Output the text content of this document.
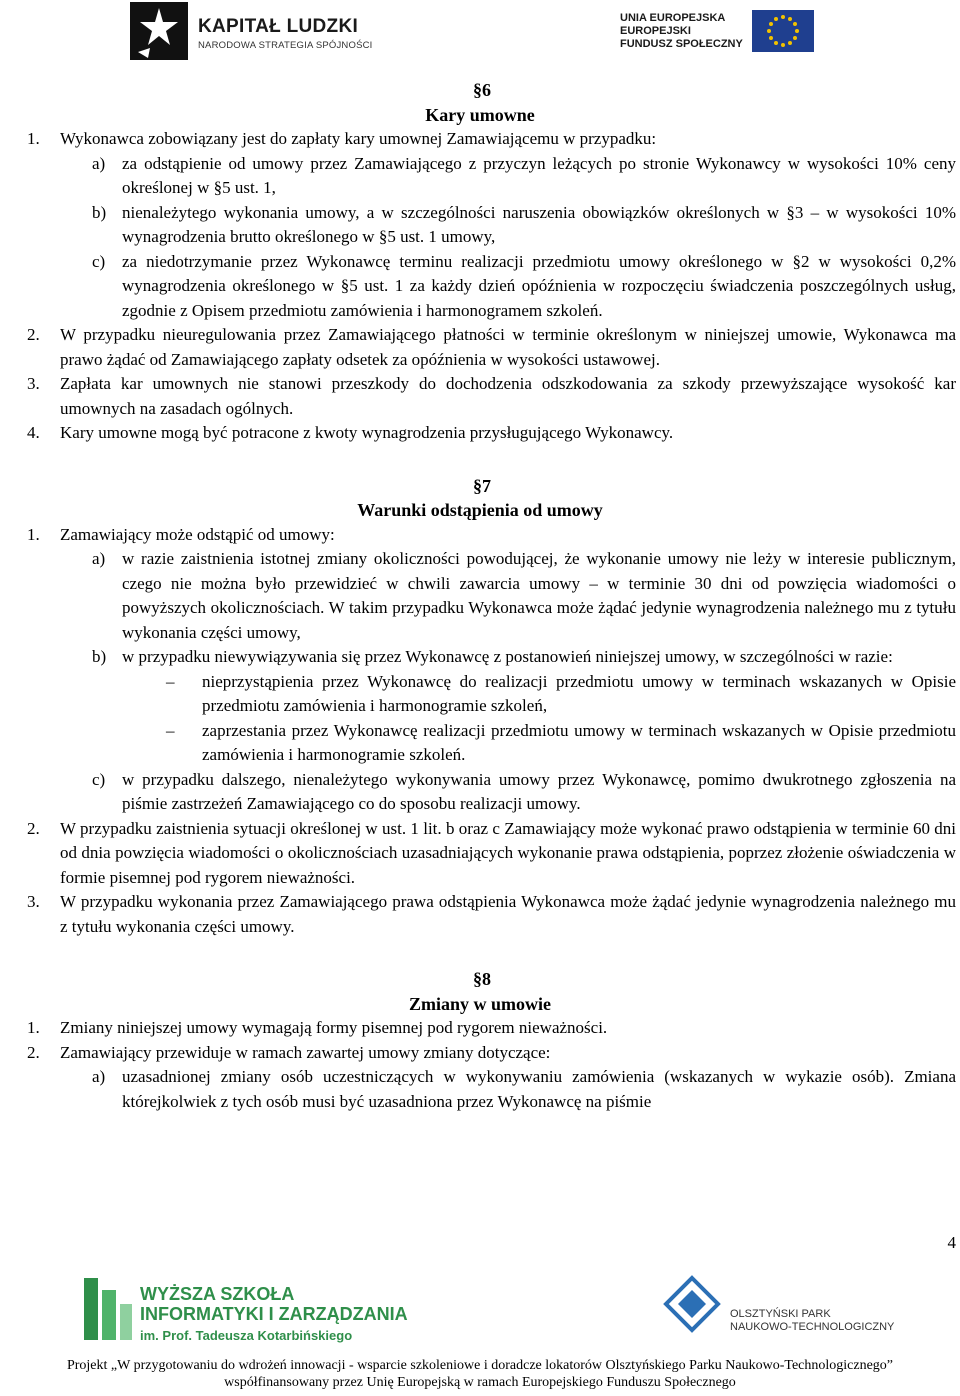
KAPITAŁ LUDZKI
NARODOWA STRATEGIA SPÓJNOŚCI
UNIA EUROPEJSKA
EUROPEJSKI
FUNDUSZ SPOŁECZNY
§6
Kary umowne
1. Wykonawca zobowiązany jest do zapłaty kary umownej Zamawiającemu w przypadku:
a) za odstąpienie od umowy przez Zamawiającego z przyczyn leżących po stronie Wykonawcy w wysokości 10% ceny określonej w §5 ust. 1,
b) nienależytego wykonania umowy, a w szczególności naruszenia obowiązków określonych w §3 – w wysokości 10% wynagrodzenia brutto określonego w §5 ust. 1 umowy,
c) za niedotrzymanie przez Wykonawcę terminu realizacji przedmiotu umowy określonego w §2 w wysokości 0,2% wynagrodzenia określonego w §5 ust. 1 za każdy dzień opóźnienia w rozpoczęciu świadczenia poszczególnych usług, zgodnie z Opisem przedmiotu zamówienia i harmonogramem szkoleń.
2. W przypadku nieuregulowania przez Zamawiającego płatności w terminie określonym w niniejszej umowie, Wykonawca ma prawo żądać od Zamawiającego zapłaty odsetek za opóźnienia w wysokości ustawowej.
3. Zapłata kar umownych nie stanowi przeszkody do dochodzenia odszkodowania za szkody przewyższające wysokość kar umownych na zasadach ogólnych.
4. Kary umowne mogą być potracone z kwoty wynagrodzenia przysługującego Wykonawcy.
§7
Warunki odstąpienia od umowy
1. Zamawiający może odstąpić od umowy:
a) w razie zaistnienia istotnej zmiany okoliczności powodującej, że wykonanie umowy nie leży w interesie publicznym, czego nie można było przewidzieć w chwili zawarcia umowy – w terminie 30 dni od powzięcia wiadomości o powyższych okolicznościach. W takim przypadku Wykonawca może żądać jedynie wynagrodzenia należnego mu z tytułu wykonania części umowy,
b) w przypadku niewywiązywania się przez Wykonawcę z postanowień niniejszej umowy, w szczególności w razie:
– nieprzystąpienia przez Wykonawcę do realizacji przedmiotu umowy w terminach wskazanych w Opisie przedmiotu zamówienia i harmonogramie szkoleń,
– zaprzestania przez Wykonawcę realizacji przedmiotu umowy w terminach wskazanych w Opisie przedmiotu zamówienia i harmonogramie szkoleń.
c) w przypadku dalszego, nienależytego wykonywania umowy przez Wykonawcę, pomimo dwukrotnego zgłoszenia na piśmie zastrzeżeń Zamawiającego co do sposobu realizacji umowy.
2. W przypadku zaistnienia sytuacji określonej w ust. 1 lit. b oraz c Zamawiający może wykonać prawo odstąpienia w terminie 60 dni od dnia powzięcia wiadomości o okolicznościach uzasadniających wykonanie prawa odstąpienia, poprzez złożenie oświadczenia w formie pisemnej pod rygorem nieważności.
3. W przypadku wykonania przez Zamawiającego prawa odstąpienia Wykonawca może żądać jedynie wynagrodzenia należnego mu z tytułu wykonania części umowy.
§8
Zmiany w umowie
1. Zmiany niniejszej umowy wymagają formy pisemnej pod rygorem nieważności.
2. Zamawiający przewiduje w ramach zawartej umowy zmiany dotyczące:
a) uzasadnionej zmiany osób uczestniczących w wykonywaniu zamówienia (wskazanych w wykazie osób). Zmiana którejkolwiek z tych osób musi być uzasadniona przez Wykonawcę na piśmie
4
WYŻSZA SZKOŁA
INFORMATYKI I ZARZĄDZANIA
im. Prof. Tadeusza Kotarbińskiego
OLSZTYŃSKI PARK
NAUKOWO-TECHNOLOGICZNY
Projekt „W przygotowaniu do wdrożeń innowacji - wsparcie szkoleniowe i doradcze lokatorów Olsztyńskiego Parku Naukowo-Technologicznego”
współfinansowany przez Unię Europejską w ramach Europejskiego Funduszu Społecznego
